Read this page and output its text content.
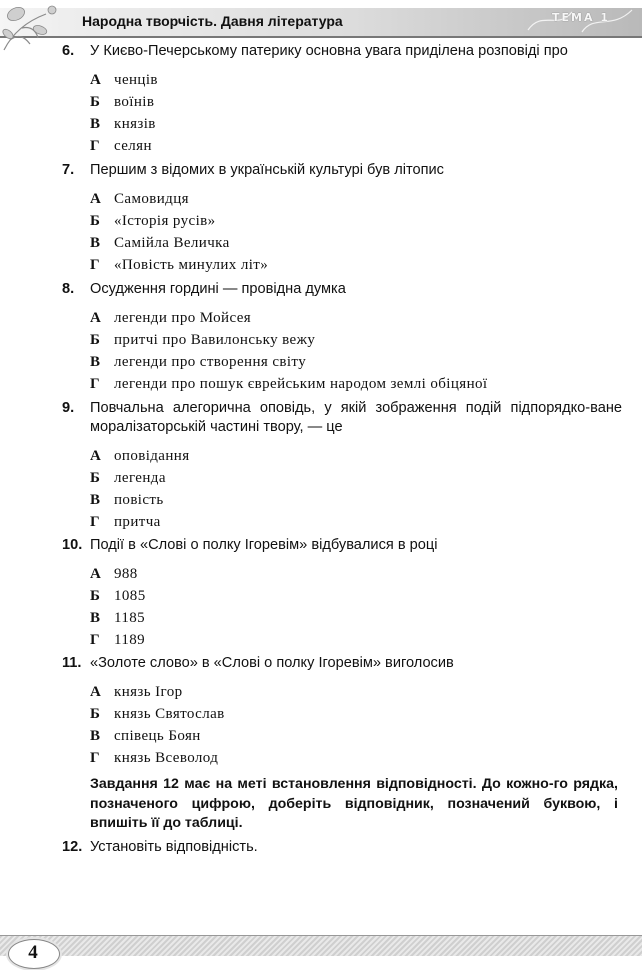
Народна творчість. Давня література	ТЕМА 1
6.	У Києво-Печерському патерику основна увага приділена розповіді про
А ченців
Б воїнів
В князів
Г селян
7.	Першим з відомих в українській культурі був літопис
А Самовидця
Б «Історія русів»
В Самійла Величка
Г «Повість минулих літ»
8.	Осудження гордині — провідна думка
А легенди про Мойсея
Б притчі про Вавилонську вежу
В легенди про створення світу
Г легенди про пошук єврейським народом землі обіцяної
9.	Повчальна алегорична оповідь, у якій зображення подій підпорядко-ване моралізаторській частині твору, — це
А оповідання
Б легенда
В повість
Г притча
10. Події в «Слові о полку Ігоревім» відбувалися в році
А 988
Б 1085
В 1185
Г 1189
11. «Золоте слово» в «Слові о полку Ігоревім» виголосив
А князь Ігор
Б князь Святослав
В співець Боян
Г князь Всеволод
Завдання 12 має на меті встановлення відповідності. До кожно-го рядка, позначеного цифрою, доберіть відповідник, позначений буквою, і впишіть її до таблиці.
12. Установіть відповідність.
4
